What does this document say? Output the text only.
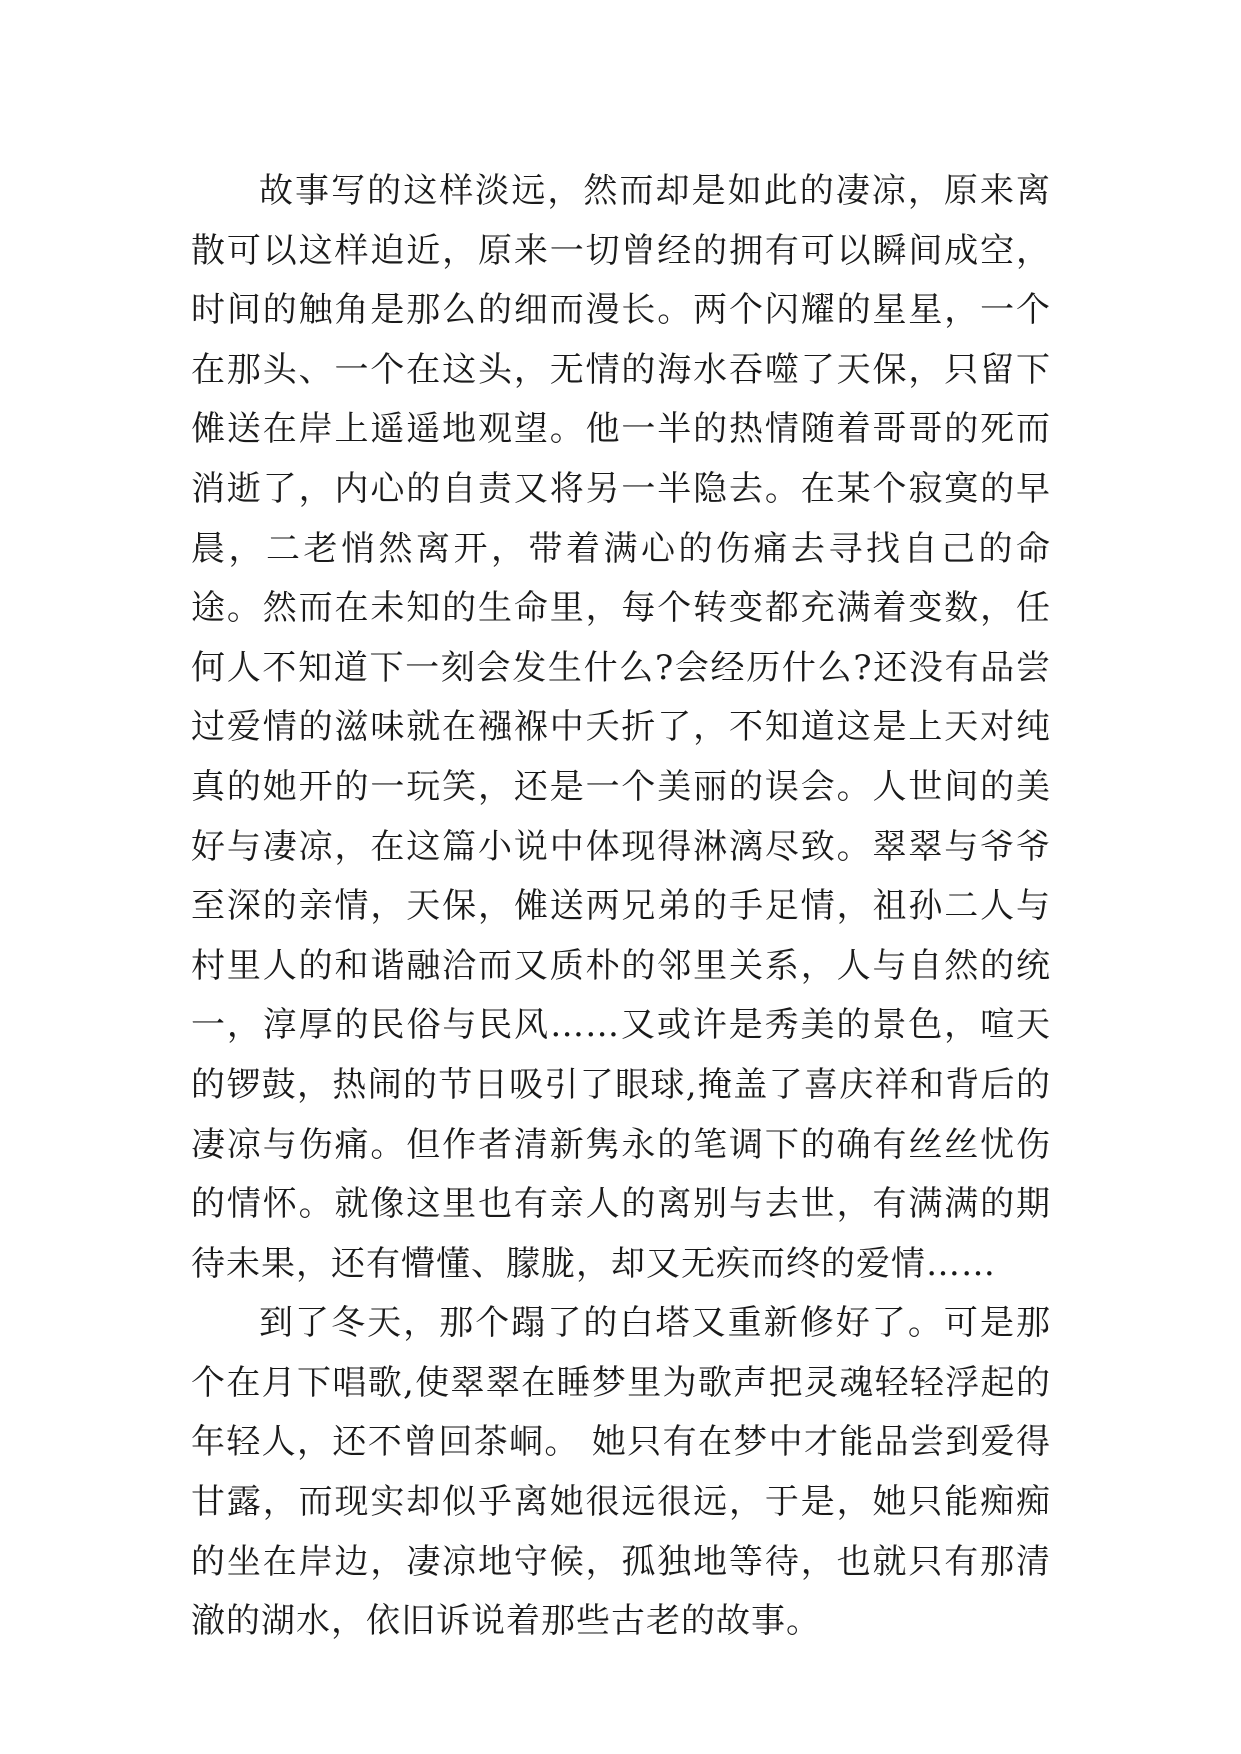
故事写的这样淡远，然而却是如此的凄凉，原来离散可以这样迫近，原来一切曾经的拥有可以瞬间成空，时间的触角是那么的细而漫长。两个闪耀的星星，一个在那头、一个在这头，无情的海水吞噬了天保，只留下傩送在岸上遥遥地观望。他一半的热情随着哥哥的死而消逝了，内心的自责又将另一半隐去。在某个寂寞的早晨，二老悄然离开，带着满心的伤痛去寻找自己的命途。然而在未知的生命里，每个转变都充满着变数，任何人不知道下一刻会发生什么?会经历什么?还没有品尝过爱情的滋味就在襁褓中夭折了，不知道这是上天对纯真的她开的一玩笑，还是一个美丽的误会。人世间的美好与凄凉，在这篇小说中体现得淋漓尽致。翠翠与爷爷至深的亲情，天保，傩送两兄弟的手足情，祖孙二人与村里人的和谐融洽而又质朴的邻里关系，人与自然的统一，淳厚的民俗与民风……又或许是秀美的景色，喧天的锣鼓，热闹的节日吸引了眼球,掩盖了喜庆祥和背后的凄凉与伤痛。但作者清新隽永的笔调下的确有丝丝忧伤的情怀。就像这里也有亲人的离别与去世，有满满的期待未果，还有懵懂、朦胧，却又无疾而终的爱情……

到了冬天，那个蹋了的白塔又重新修好了。可是那个在月下唱歌,使翠翠在睡梦里为歌声把灵魂轻轻浮起的年轻人，还不曾回茶峒。 她只有在梦中才能品尝到爱得甘露，而现实却似乎离她很远很远，于是，她只能痴痴的坐在岸边，凄凉地守候，孤独地等待，也就只有那清澈的湖水，依旧诉说着那些古老的故事。
